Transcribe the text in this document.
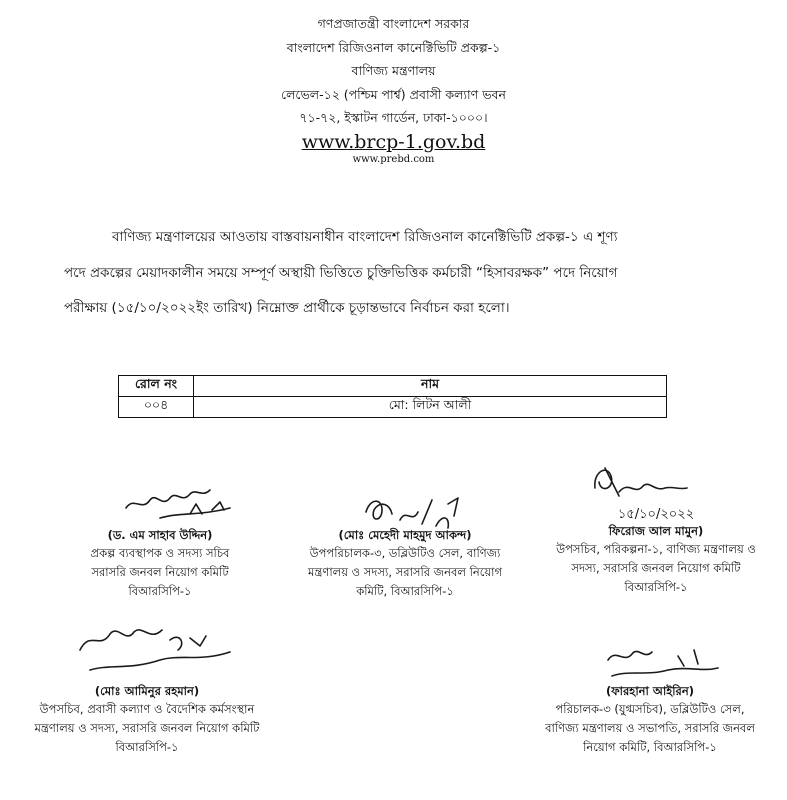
গণপ্রজাতন্ত্রী বাংলাদেশ সরকার
বাংলাদেশ রিজিওনাল কানেক্টিভিটি প্রকল্প-১
বাণিজ্য মন্ত্রণালয়
লেভেল-১২ (পশ্চিম পার্শ্ব) প্রবাসী কল্যাণ ভবন
৭১-৭২, ইস্কাটন গার্ডেন, ঢাকা-১০০০।
www.brcp-1.gov.bd
www.prebd.com
বাণিজ্য মন্ত্রণালয়ের আওতায় বাস্তবায়নাধীন বাংলাদেশ রিজিওনাল কানেক্টিভিটি প্রকল্প-১ এ শূণ্য
পদে প্রকল্পের মেয়াদকালীন সময়ে সম্পূর্ণ অস্থায়ী ভিত্তিতে চুক্তিভিত্তিক কর্মচারী “হিসাবরক্ষক” পদে নিয়োগ
পরীক্ষায় (১৫/১০/২০২২ইং তারিখ) নিম্নোক্ত প্রার্থীকে চূড়ান্তভাবে নির্বাচন করা হলো।
রোল নং	নাম
০০৪	মো: লিটন আলী
(ড. এম সাহাব উদ্দিন)
প্রকল্প ব্যবস্থাপক ও সদস্য সচিব
সরাসরি জনবল নিয়োগ কমিটি
বিআরসিপি-১
(মোঃ মেহেদী মাহমুদ আকন্দ)
উপপরিচালক-৩, ডব্লিউটিও সেল, বাণিজ্য
মন্ত্রণালয় ও সদস্য, সরাসরি জনবল নিয়োগ
কমিটি, বিআরসিপি-১
১৫/১০/২০২২
ফিরোজ আল মামুন)
উপসচিব, পরিকল্পনা-১, বাণিজ্য মন্ত্রণালয় ও
সদস্য, সরাসরি জনবল নিয়োগ কমিটি
বিআরসিপি-১
(মোঃ আমিনুর রহমান)
উপসচিব, প্রবাসী কল্যাণ ও বৈদেশিক কর্মসংস্থান
মন্ত্রণালয় ও সদস্য, সরাসরি জনবল নিয়োগ কমিটি
বিআরসিপি-১
(ফারহানা আইরিন)
পরিচালক-৩ (যুগ্মসচিব), ডব্লিউটিও সেল,
বাণিজ্য মন্ত্রণালয় ও সভাপতি, সরাসরি জনবল
নিয়োগ কমিটি, বিআরসিপি-১
